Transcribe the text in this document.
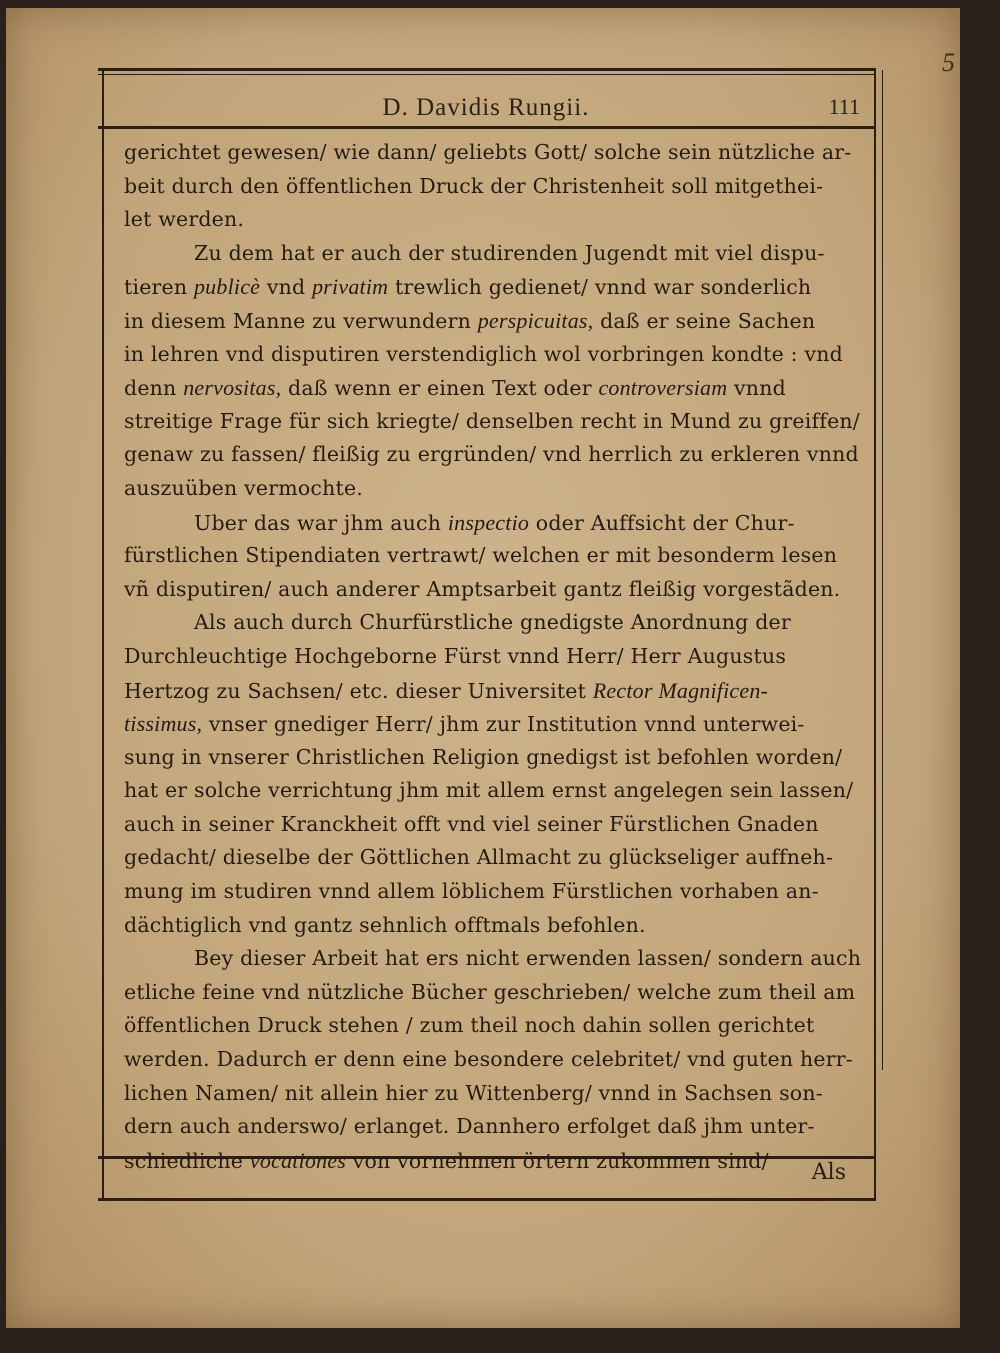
D. Davidis Rungii.	111
5
gerichtet gewesen/ wie dann/ geliebts Gott/ solche sein nützliche ar-
beit durch den öffentlichen Druck der Christenheit soll mitgethei-
let werden.
Zu dem hat er auch der studirenden Jugendt mit viel dispu-
tieren publicè vnd privatim trewlich gedienet/ vnnd war sonderlich
in diesem Manne zu verwundern perspicuitas, daß er seine Sachen
in lehren vnd disputiren verstendiglich wol vorbringen kondte : vnd
denn nervositas, daß wenn er einen Text oder controversiam vnnd
streitige Frage für sich kriegte/ denselben recht in Mund zu greiffen/
genaw zu fassen/ fleißig zu ergründen/ vnd herrlich zu erkleren vnnd
auszuüben vermochte.
Uber das war jhm auch inspectio oder Auffsicht der Chur-
fürstlichen Stipendiaten vertrawt/ welchen er mit besonderm lesen
vñ disputiren/ auch anderer Amptsarbeit gantz fleißig vorgestãden.
Als auch durch Churfürstliche gnedigste Anordnung der
Durchleuchtige Hochgeborne Fürst vnnd Herr/ Herr Augustus
Hertzog zu Sachsen/ etc. dieser Universitet Rector Magnificen-
tissimus, vnser gnediger Herr/ jhm zur Institution vnnd unterwei-
sung in vnserer Christlichen Religion gnedigst ist befohlen worden/
hat er solche verrichtung jhm mit allem ernst angelegen sein lassen/
auch in seiner Kranckheit offt vnd viel seiner Fürstlichen Gnaden
gedacht/ dieselbe der Göttlichen Allmacht zu glückseliger auffneh-
mung im studiren vnnd allem löblichem Fürstlichen vorhaben an-
dächtiglich vnd gantz sehnlich offtmals befohlen.
Bey dieser Arbeit hat ers nicht erwenden lassen/ sondern auch
etliche feine vnd nützliche Bücher geschrieben/ welche zum theil am
öffentlichen Druck stehen / zum theil noch dahin sollen gerichtet
werden. Dadurch er denn eine besondere celebritet/ vnd guten herr-
lichen Namen/ nit allein hier zu Wittenberg/ vnnd in Sachsen son-
dern auch anderswo/ erlanget. Dannhero erfolget daß jhm unter-
schiedliche vocationes von vornehmen örtern zukommen sind/	Als
